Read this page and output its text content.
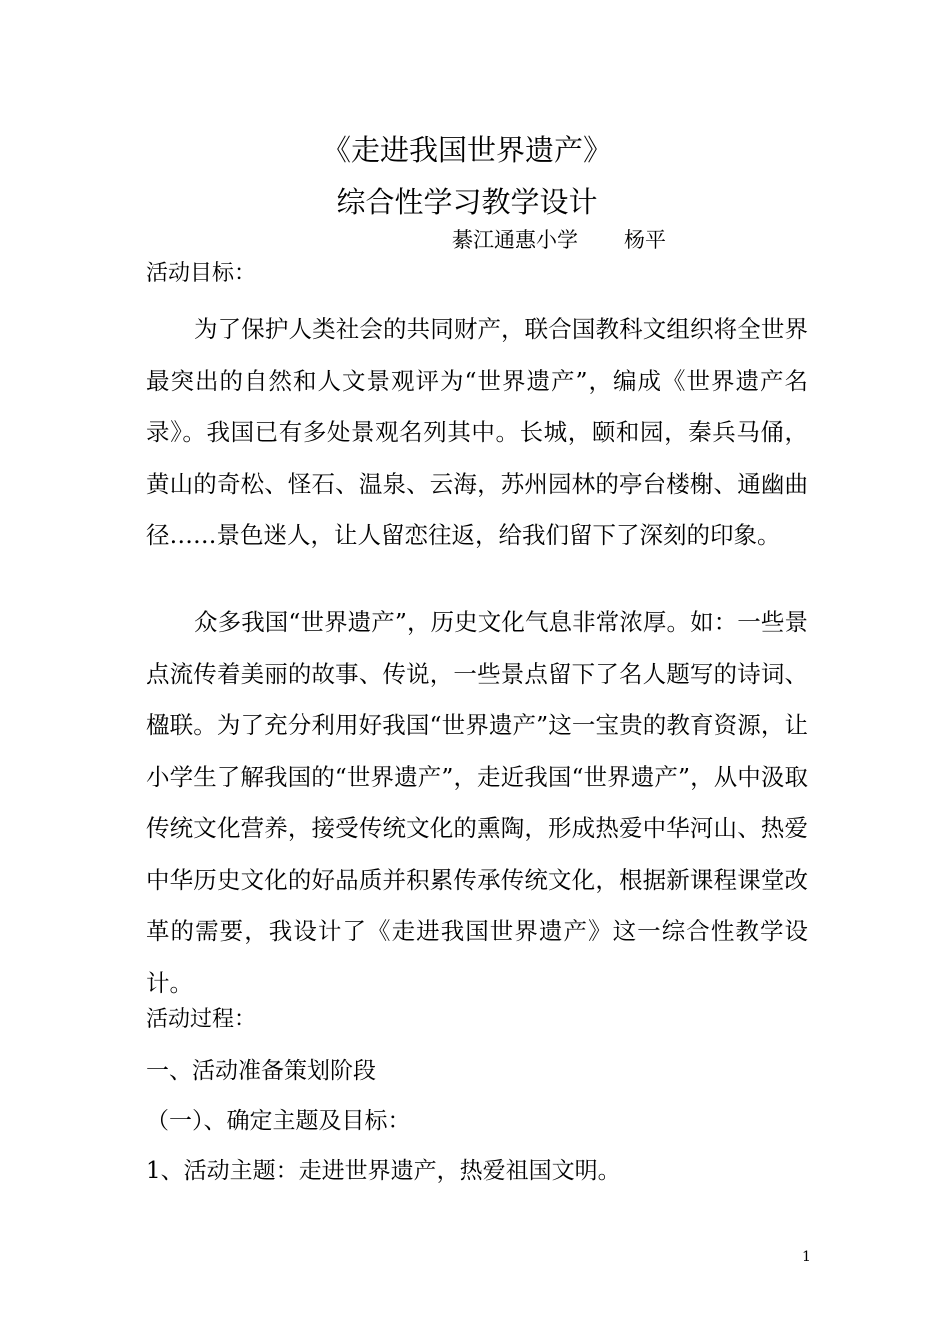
《走进我国世界遗产》
综合性学习教学设计
綦江通惠小学 杨平
活动目标：

为了保护人类社会的共同财产，联合国教科文组织将全世界最突出的自然和人文景观评为“世界遗产”，编成《世界遗产名录》。我国已有多处景观名列其中。长城，颐和园，秦兵马俑，黄山的奇松、怪石、温泉、云海，苏州园林的亭台楼榭、通幽曲径……景色迷人，让人留恋往返，给我们留下了深刻的印象。

众多我国“世界遗产”，历史文化气息非常浓厚。如：一些景点流传着美丽的故事、传说，一些景点留下了名人题写的诗词、楹联。为了充分利用好我国“世界遗产”这一宝贵的教育资源，让小学生了解我国的“世界遗产”，走近我国“世界遗产”，从中汲取传统文化营养，接受传统文化的熏陶，形成热爱中华河山、热爱中华历史文化的好品质并积累传承传统文化，根据新课程课堂改革的需要，我设计了《走进我国世界遗产》这一综合性教学设计。

活动过程：
一、活动准备策划阶段
（一）、确定主题及目标：
1、活动主题：走进世界遗产，热爱祖国文明。
1
